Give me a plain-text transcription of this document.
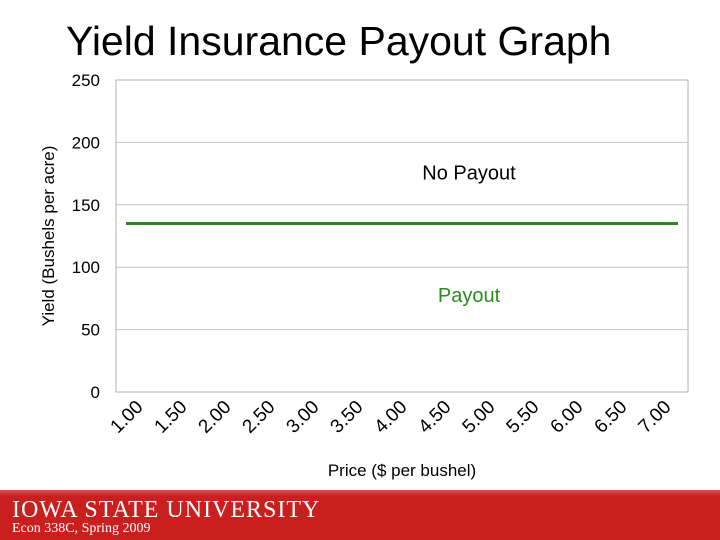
Yield Insurance Payout Graph
0
50
100
150
200
250
1.00 1.50 2.00 2.50 3.00 3.50 4.00 4.50 5.00 5.50 6.00 6.50 7.00
No Payout
Payout
Price ($ per bushel)
Yield (Bushels per acre)
IOWA STATE UNIVERSITY
Econ 338C, Spring 2009
